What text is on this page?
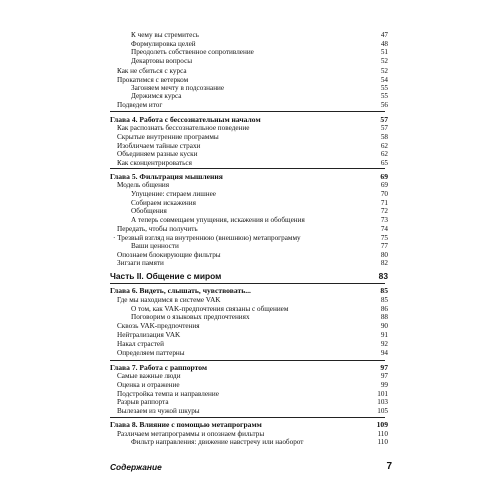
К чему вы стремитесь	47
Формулировка целей	48
Преодолеть собственное сопротивление	51
Декартовы вопросы	52
Как не сбиться с курса	52
Прокатимся с ветерком	54
Загоняем мечту в подсознание	55
Держимся курса	55
Подведем итог	56
Глава 4. Работа с бессознательным началом	57
Как распознать бессознательное поведение	57
Скрытые внутренние программы	58
Изобличаем тайные страхи	62
Объединяем разные куски	62
Как сконцентрироваться	65
Глава 5. Фильтрация мышления	69
Модель общения	69
Упущение: стираем лишнее	70
Собираем искажения	71
Обобщения	72
А теперь совмещаем упущения, искажения и обобщения	73
Передать, чтобы получить	74
· Трезвый взгляд на внутреннюю (внешнюю) метапрограмму	75
Ваши ценности	77
Опознаем блокирующие фильтры	80
Зигзаги памяти	82
Часть II. Общение с миром	83
Глава 6. Видеть, слышать, чувствовать...	85
Где мы находимся в системе VAK	85
О том, как VAK-предпочтения связаны с общением	86
Поговорим о языковых предпочтениях	88
Сквозь VAK-предпочтения	90
Нейтрализация VAK	91
Накал страстей	92
Определяем паттерны	94
Глава 7. Работа с раппортом	97
Самые важные люди	97
Оценка и отражение	99
Подстройка темпа и направление	101
Разрыв раппорта	103
Вылезаем из чужой шкуры	105
Глава 8. Влияние с помощью метапрограмм	109
Различаем метапрограммы и опознаем фильтры	110
Фильтр направления: движение навстречу или наоборот	110
Содержание	7
